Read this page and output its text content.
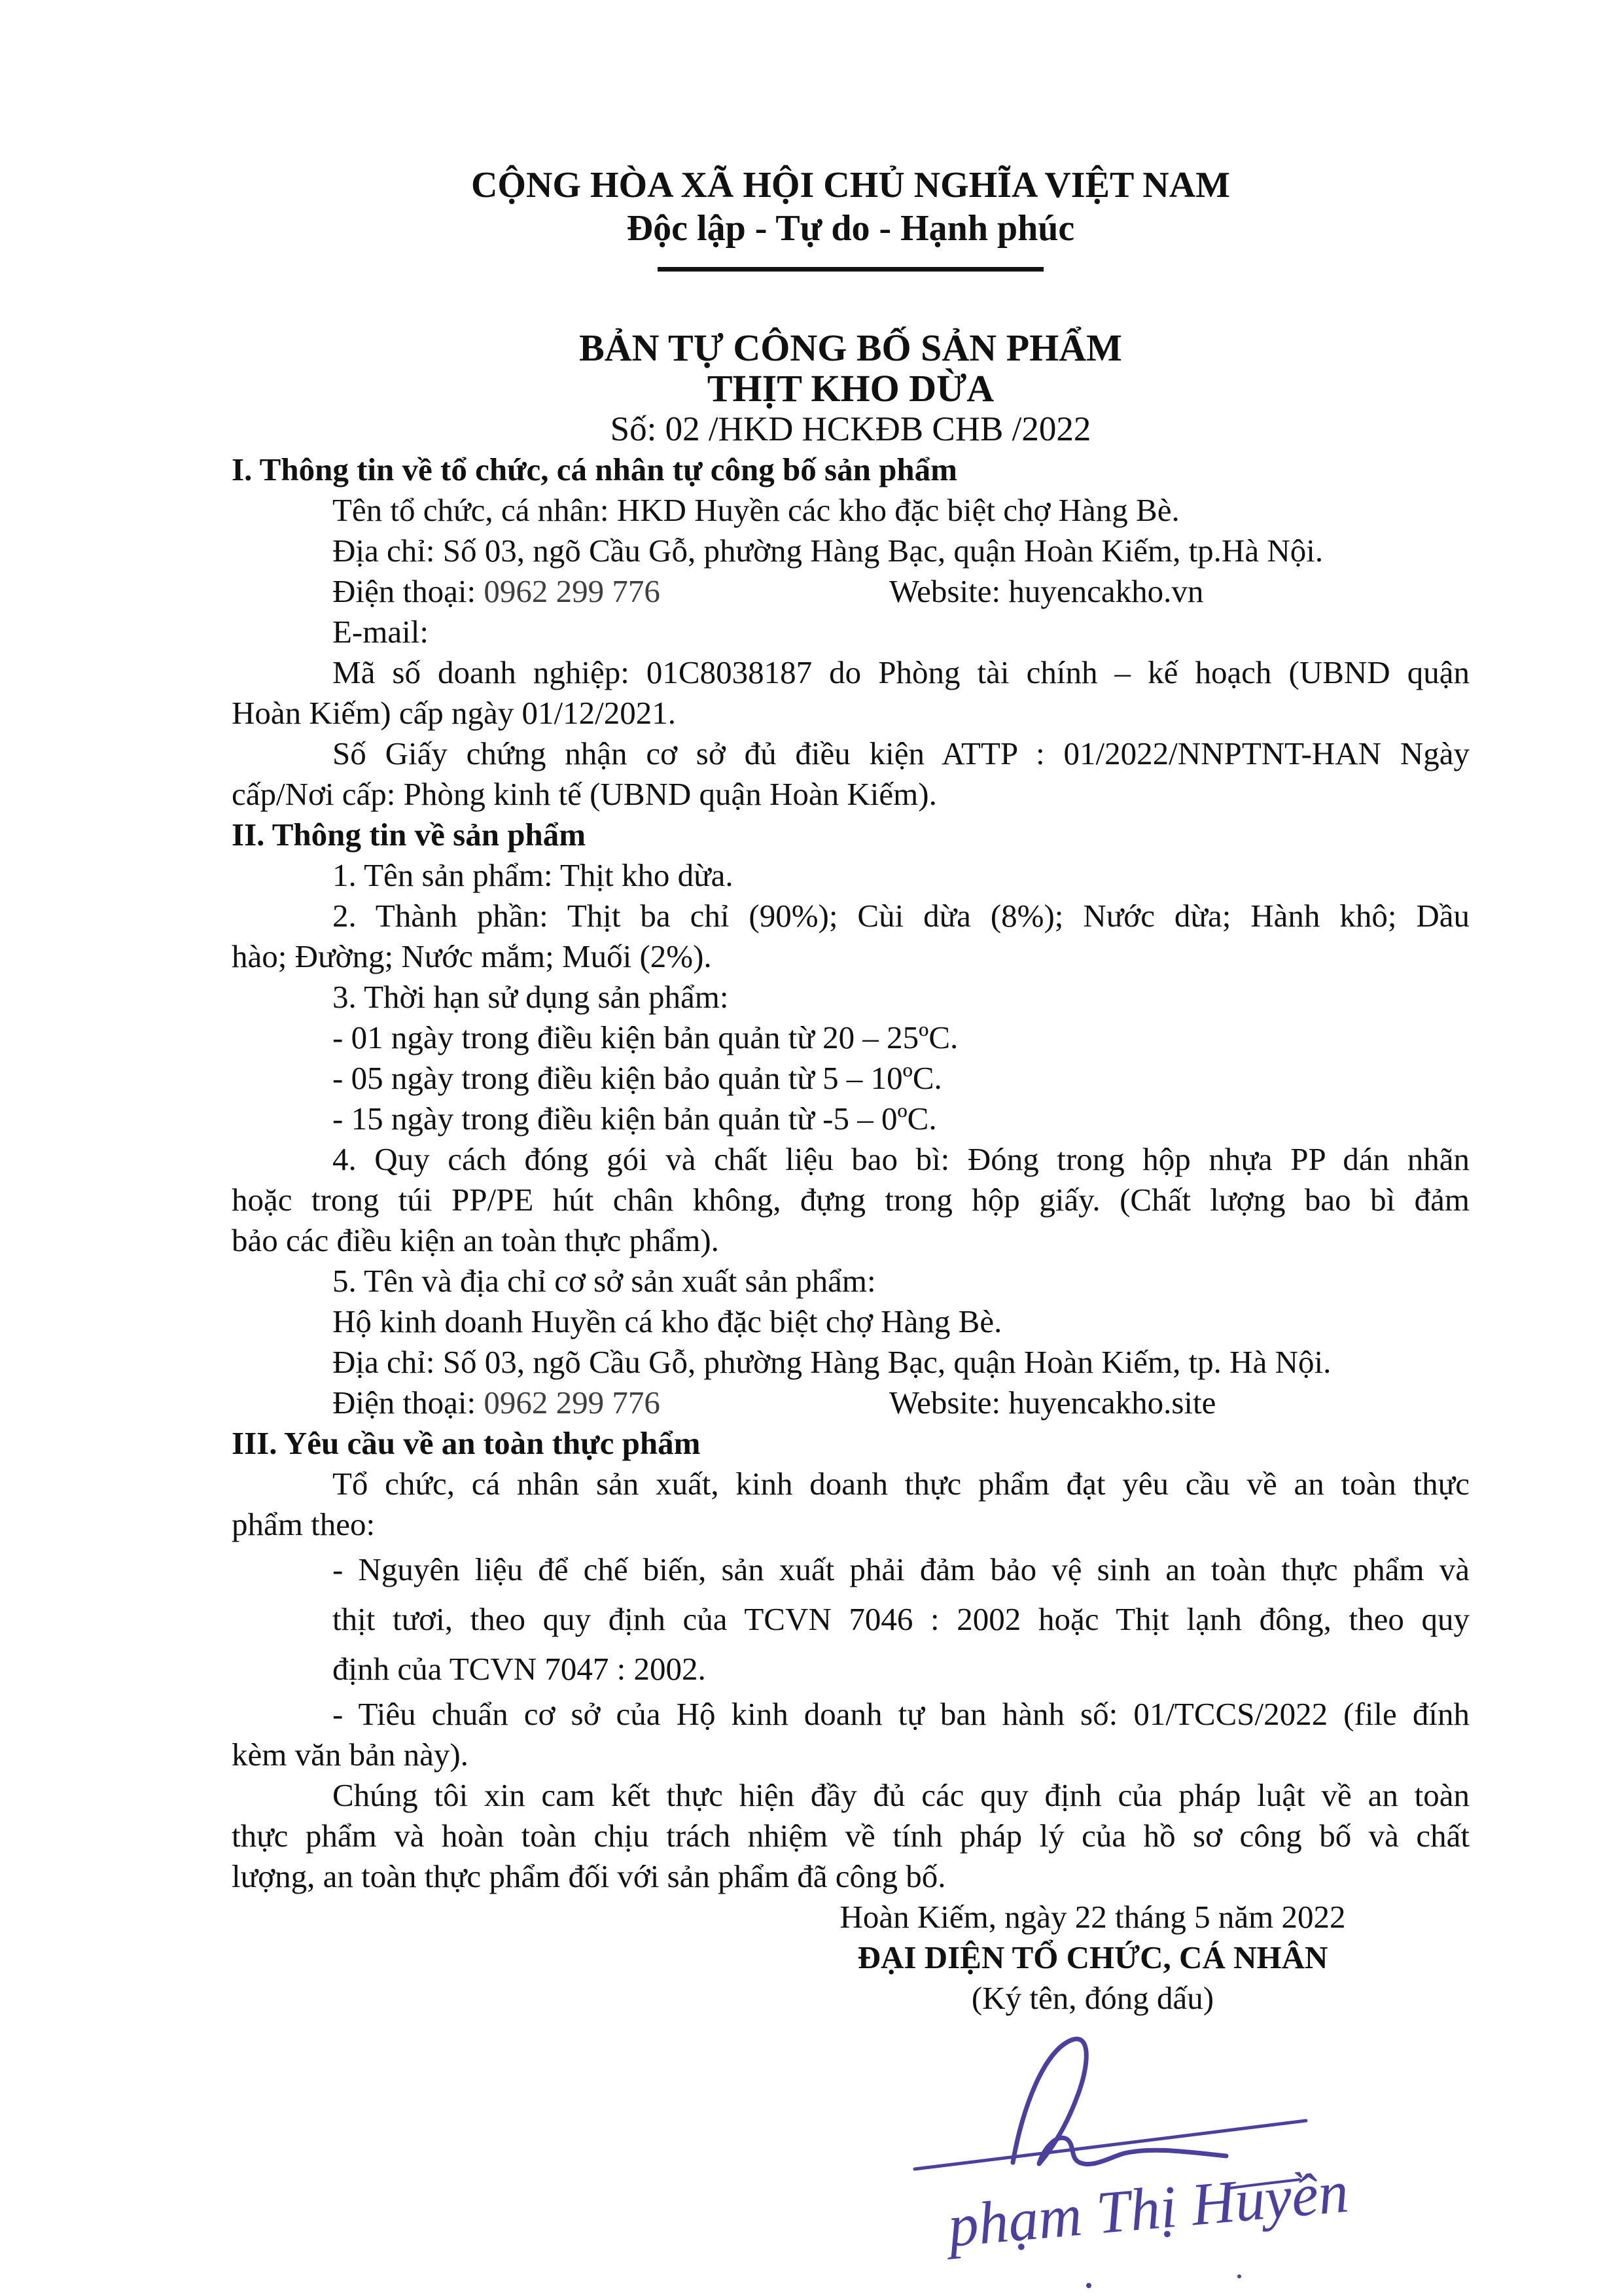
CỘNG HÒA XÃ HỘI CHỦ NGHĨA VIỆT NAM
Độc lập - Tự do - Hạnh phúc
BẢN TỰ CÔNG BỐ SẢN PHẨM
THỊT KHO DỪA
Số: 02 /HKD HCKĐB CHB /2022
I. Thông tin về tổ chức, cá nhân tự công bố sản phẩm
Tên tổ chức, cá nhân: HKD Huyền các kho đặc biệt chợ Hàng Bè.
Địa chỉ: Số 03, ngõ Cầu Gỗ, phường Hàng Bạc, quận Hoàn Kiếm, tp.Hà Nội.
Điện thoại: 0962 299 776	Website: huyencakho.vn
E-mail:
Mã số doanh nghiệp: 01C8038187 do Phòng tài chính – kế hoạch (UBND quận
Hoàn Kiếm) cấp ngày 01/12/2021.
Số Giấy chứng nhận cơ sở đủ điều kiện ATTP : 01/2022/NNPTNT-HAN Ngày
cấp/Nơi cấp: Phòng kinh tế (UBND quận Hoàn Kiếm).
II. Thông tin về sản phẩm
1. Tên sản phẩm: Thịt kho dừa.
2. Thành phần: Thịt ba chỉ (90%); Cùi dừa (8%); Nước dừa; Hành khô; Dầu
hào; Đường; Nước mắm; Muối (2%).
3. Thời hạn sử dụng sản phẩm:
- 01 ngày trong điều kiện bản quản từ 20 – 25ºC.
- 05 ngày trong điều kiện bảo quản từ 5 – 10ºC.
- 15 ngày trong điều kiện bản quản từ -5 – 0ºC.
4. Quy cách đóng gói và chất liệu bao bì: Đóng trong hộp nhựa PP dán nhãn
hoặc trong túi PP/PE hút chân không, đựng trong hộp giấy. (Chất lượng bao bì đảm
bảo các điều kiện an toàn thực phẩm).
5. Tên và địa chỉ cơ sở sản xuất sản phẩm:
Hộ kinh doanh Huyền cá kho đặc biệt chợ Hàng Bè.
Địa chỉ: Số 03, ngõ Cầu Gỗ, phường Hàng Bạc, quận Hoàn Kiếm, tp. Hà Nội.
Điện thoại: 0962 299 776	Website: huyencakho.site
III. Yêu cầu về an toàn thực phẩm
Tổ chức, cá nhân sản xuất, kinh doanh thực phẩm đạt yêu cầu về an toàn thực
phẩm theo:
- Nguyên liệu để chế biến, sản xuất phải đảm bảo vệ sinh an toàn thực phẩm và
thịt tươi, theo quy định của TCVN 7046 : 2002 hoặc Thịt lạnh đông, theo quy
định của TCVN 7047 : 2002.
- Tiêu chuẩn cơ sở của Hộ kinh doanh tự ban hành số: 01/TCCS/2022 (file đính
kèm văn bản này).
Chúng tôi xin cam kết thực hiện đầy đủ các quy định của pháp luật về an toàn
thực phẩm và hoàn toàn chịu trách nhiệm về tính pháp lý của hồ sơ công bố và chất
lượng, an toàn thực phẩm đối với sản phẩm đã công bố.
Hoàn Kiếm, ngày 22 tháng 5 năm 2022
ĐẠI DIỆN TỔ CHỨC, CÁ NHÂN
(Ký tên, đóng dấu)
phạm Thị Huyền
